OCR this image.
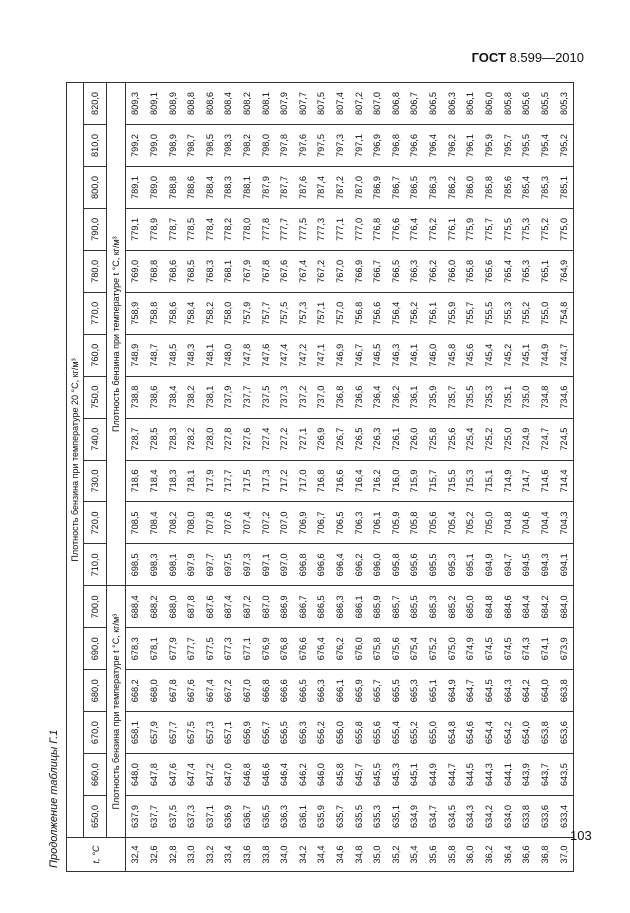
ГОСТ 8.599—2010
Продолжение таблицы Г.1	t, °C	Плотность бензина при температуре 20 °С, кг/м³																	
	650,0	660,0	670,0	680,0	690,0	700,0	710,0	720,0	730,0	740,0	750,0	760,0	770,0	780,0	790,0	800,0	810,0	820,0
	Плотность бензина при температуре t °C, кг/м³						Плотность бензина при температуре t °C, кг/м³											
32,4	637,9	648,0	658,1	668,2	678,3	688,4	698,5	708,5	718,6	728,7	738,8	748,9	758,9	769,0	779,1	789,1	799,2	809,3
32,6	637,7	647,8	657,9	668,0	678,1	688,2	698,3	708,4	718,4	728,5	738,6	748,7	758,8	768,8	778,9	789,0	799,0	809,1
32,8	637,5	647,6	657,7	667,8	677,9	688,0	698,1	708,2	718,3	728,3	738,4	748,5	758,6	768,6	778,7	788,8	798,9	808,9
33,0	637,3	647,4	657,5	667,6	677,7	687,8	697,9	708,0	718,1	728,2	738,2	748,3	758,4	768,5	778,5	788,6	798,7	808,8
33,2	637,1	647,2	657,3	667,4	677,5	687,6	697,7	707,8	717,9	728,0	738,1	748,1	758,2	768,3	778,4	788,4	798,5	808,6
33,4	636,9	647,0	657,1	667,2	677,3	687,4	697,5	707,6	717,7	727,8	737,9	748,0	758,0	768,1	778,2	788,3	798,3	808,4
33,6	636,7	646,8	656,9	667,0	677,1	687,2	697,3	707,4	717,5	727,6	737,7	747,8	757,9	767,9	778,0	788,1	798,2	808,2
33,8	636,5	646,6	656,7	666,8	676,9	687,0	697,1	707,2	717,3	727,4	737,5	747,6	757,7	767,8	777,8	787,9	798,0	808,1
34,0	636,3	646,4	656,5	666,6	676,8	686,9	697,0	707,0	717,2	727,2	737,3	747,4	757,5	767,6	777,7	787,7	797,8	807,9
34,2	636,1	646,2	656,3	666,5	676,6	686,7	696,8	706,9	717,0	727,1	737,2	747,2	757,3	767,4	777,5	787,6	797,6	807,7
34,4	635,9	646,0	656,2	666,3	676,4	686,5	696,6	706,7	716,8	726,9	737,0	747,1	757,1	767,2	777,3	787,4	797,5	807,5
34,6	635,7	645,8	656,0	666,1	676,2	686,3	696,4	706,5	716,6	726,7	736,8	746,9	757,0	767,0	777,1	787,2	797,3	807,4
34,8	635,5	645,7	655,8	665,9	676,0	686,1	696,2	706,3	716,4	726,5	736,6	746,7	756,8	766,9	777,0	787,0	797,1	807,2
35,0	635,3	645,5	655,6	665,7	675,8	685,9	696,0	706,1	716,2	726,3	736,4	746,5	756,6	766,7	776,8	786,9	796,9	807,0
35,2	635,1	645,3	655,4	665,5	675,6	685,7	695,8	705,9	716,0	726,1	736,2	746,3	756,4	766,5	776,6	786,7	796,8	806,8
35,4	634,9	645,1	655,2	665,3	675,4	685,5	695,6	705,8	715,9	726,0	736,1	746,1	756,2	766,3	776,4	786,5	796,6	806,7
35,6	634,7	644,9	655,0	665,1	675,2	685,3	695,5	705,6	715,7	725,8	735,9	746,0	756,1	766,2	776,2	786,3	796,4	806,5
35,8	634,5	644,7	654,8	664,9	675,0	685,2	695,3	705,4	715,5	725,6	735,7	745,8	755,9	766,0	776,1	786,2	796,2	806,3
36,0	634,3	644,5	654,6	664,7	674,9	685,0	695,1	705,2	715,3	725,4	735,5	745,6	755,7	765,8	775,9	786,0	796,1	806,1
36,2	634,2	644,3	654,4	664,5	674,5	684,8	694,9	705,0	715,1	725,2	735,3	745,4	755,5	765,6	775,7	785,8	795,9	806,0
36,4	634,0	644,1	654,2	664,3	674,5	684,6	694,7	704,8	714,9	725,0	735,1	745,2	755,3	765,4	775,5	785,6	795,7	805,8
36,6	633,8	643,9	654,0	664,2	674,3	684,4	694,5	704,6	714,7	724,9	735,0	745,1	755,2	765,3	775,3	785,4	795,5	805,6
36,8	633,6	643,7	653,8	664,0	674,1	684,2	694,3	704,4	714,6	724,7	734,8	744,9	755,0	765,1	775,2	785,3	795,4	805,5
37,0	633,4	643,5	653,6	663,8	673,9	684,0	694,1	704,3	714,4	724,5	734,6	744,7	754,8	764,9	775,0	785,1	795,2	805,3
103
